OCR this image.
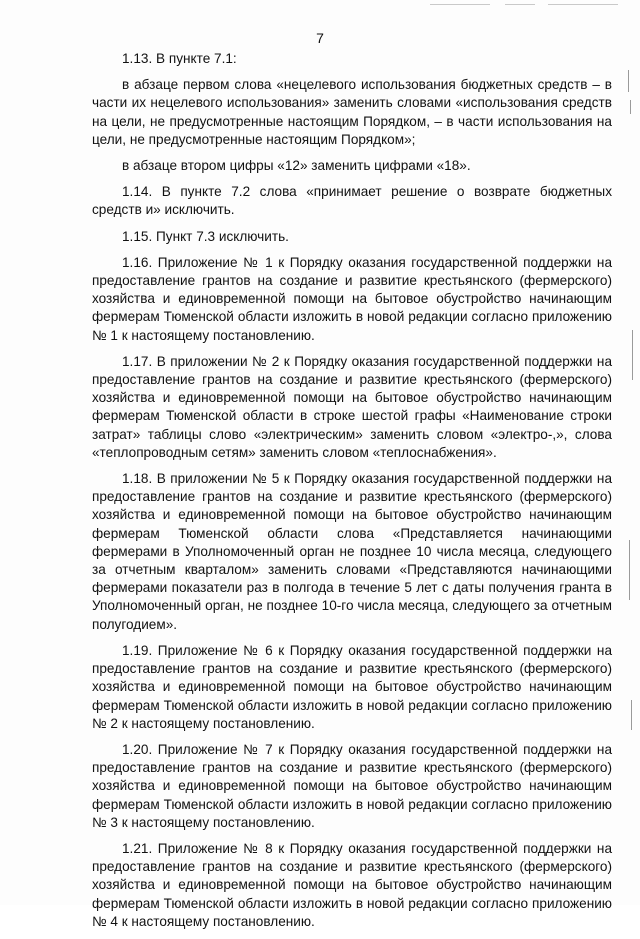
7

1.13. В пункте 7.1:

в абзаце первом слова «нецелевого использования бюджетных средств – в части их нецелевого использования» заменить словами «использования средств на цели, не предусмотренные настоящим Порядком, – в части использования на цели, не предусмотренные настоящим Порядком»;

в абзаце втором цифры «12» заменить цифрами «18».

1.14. В пункте 7.2 слова «принимает решение о возврате бюджетных средств и» исключить.

1.15. Пункт 7.3 исключить.

1.16. Приложение № 1 к Порядку оказания государственной поддержки на предоставление грантов на создание и развитие крестьянского (фермерского) хозяйства и единовременной помощи на бытовое обустройство начинающим фермерам Тюменской области изложить в новой редакции согласно приложению № 1 к настоящему постановлению.

1.17. В приложении № 2 к Порядку оказания государственной поддержки на предоставление грантов на создание и развитие крестьянского (фермерского) хозяйства и единовременной помощи на бытовое обустройство начинающим фермерам Тюменской области в строке шестой графы «Наименование строки затрат» таблицы слово «электрическим» заменить словом «электро-,», слова «теплопроводным сетям» заменить словом «теплоснабжения».

1.18. В приложении № 5 к Порядку оказания государственной поддержки на предоставление грантов на создание и развитие крестьянского (фермерского) хозяйства и единовременной помощи на бытовое обустройство начинающим фермерам Тюменской области слова «Представляется начинающими фермерами в Уполномоченный орган не позднее 10 числа месяца, следующего за отчетным кварталом» заменить словами «Представляются начинающими фермерами показатели раз в полгода в течение 5 лет с даты получения гранта в Уполномоченный орган, не позднее 10-го числа месяца, следующего за отчетным полугодием».

1.19. Приложение № 6 к Порядку оказания государственной поддержки на предоставление грантов на создание и развитие крестьянского (фермерского) хозяйства и единовременной помощи на бытовое обустройство начинающим фермерам Тюменской области изложить в новой редакции согласно приложению № 2 к настоящему постановлению.

1.20. Приложение № 7 к Порядку оказания государственной поддержки на предоставление грантов на создание и развитие крестьянского (фермерского) хозяйства и единовременной помощи на бытовое обустройство начинающим фермерам Тюменской области изложить в новой редакции согласно приложению № 3 к настоящему постановлению.

1.21. Приложение № 8 к Порядку оказания государственной поддержки на предоставление грантов на создание и развитие крестьянского (фермерского) хозяйства и единовременной помощи на бытовое обустройство начинающим фермерам Тюменской области изложить в новой редакции согласно приложению № 4 к настоящему постановлению.
